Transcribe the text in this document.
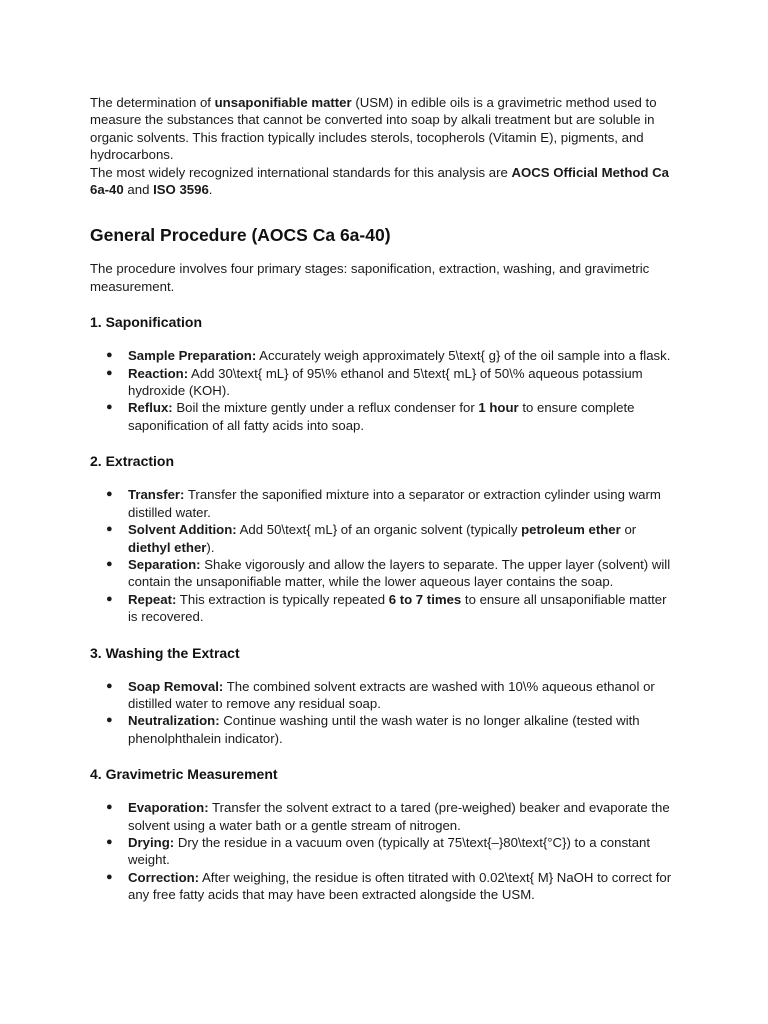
The determination of unsaponifiable matter (USM) in edible oils is a gravimetric method used to measure the substances that cannot be converted into soap by alkali treatment but are soluble in organic solvents. This fraction typically includes sterols, tocopherols (Vitamin E), pigments, and hydrocarbons.

The most widely recognized international standards for this analysis are AOCS Official Method Ca 6a-40 and ISO 3596.

General Procedure (AOCS Ca 6a-40)

The procedure involves four primary stages: saponification, extraction, washing, and gravimetric measurement.

1. Saponification
● Sample Preparation: Accurately weigh approximately 5\text{ g} of the oil sample into a flask.
● Reaction: Add 30\text{ mL} of 95\% ethanol and 5\text{ mL} of 50\% aqueous potassium hydroxide (KOH).
● Reflux: Boil the mixture gently under a reflux condenser for 1 hour to ensure complete saponification of all fatty acids into soap.
2. Extraction
● Transfer: Transfer the saponified mixture into a separator or extraction cylinder using warm distilled water.
● Solvent Addition: Add 50\text{ mL} of an organic solvent (typically petroleum ether or diethyl ether).
● Separation: Shake vigorously and allow the layers to separate. The upper layer (solvent) will contain the unsaponifiable matter, while the lower aqueous layer contains the soap.
● Repeat: This extraction is typically repeated 6 to 7 times to ensure all unsaponifiable matter is recovered.
3. Washing the Extract
● Soap Removal: The combined solvent extracts are washed with 10\% aqueous ethanol or distilled water to remove any residual soap.
● Neutralization: Continue washing until the wash water is no longer alkaline (tested with phenolphthalein indicator).
4. Gravimetric Measurement
● Evaporation: Transfer the solvent extract to a tared (pre-weighed) beaker and evaporate the solvent using a water bath or a gentle stream of nitrogen.
● Drying: Dry the residue in a vacuum oven (typically at 75\text{–}80\text{°C}) to a constant weight.
● Correction: After weighing, the residue is often titrated with 0.02\text{ M} NaOH to correct for any free fatty acids that may have been extracted alongside the USM.
